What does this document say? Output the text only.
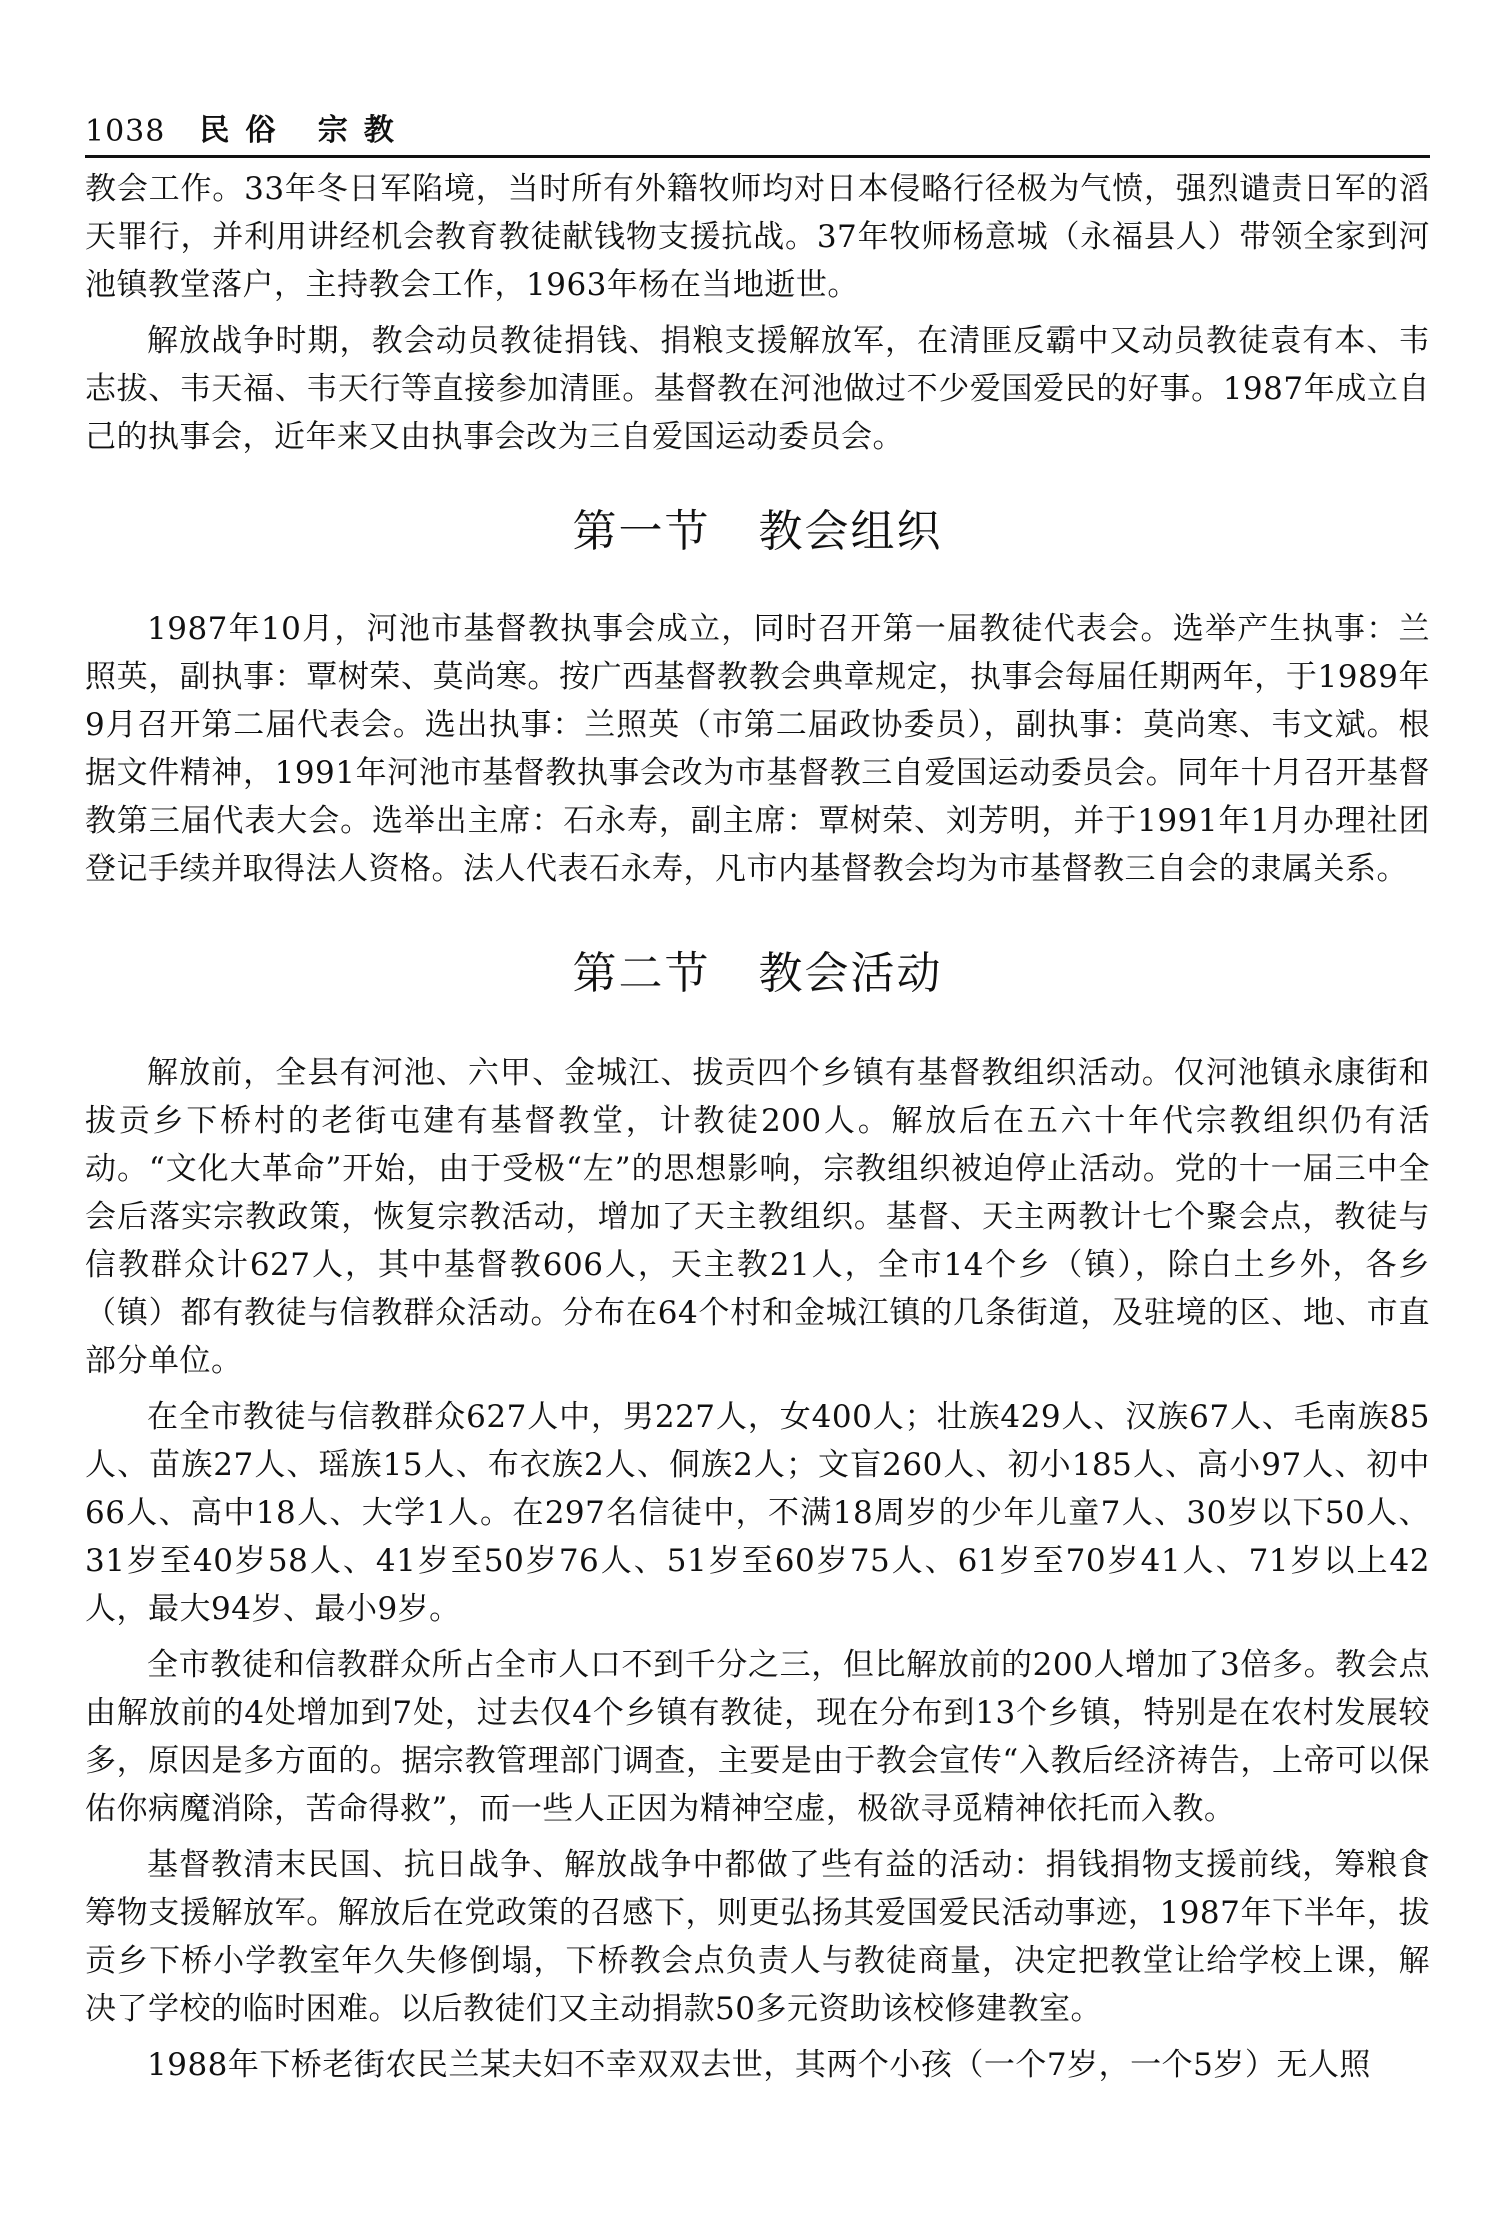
1038 民俗 宗教

教会工作。33年冬日军陷境，当时所有外籍牧师均对日本侵略行径极为气愤，强烈谴责日军的滔天罪行，并利用讲经机会教育教徒献钱物支援抗战。37年牧师杨意城（永福县人）带领全家到河池镇教堂落户，主持教会工作，1963年杨在当地逝世。

解放战争时期，教会动员教徒捐钱、捐粮支援解放军，在清匪反霸中又动员教徒袁有本、韦志拔、韦天福、韦天行等直接参加清匪。基督教在河池做过不少爱国爱民的好事。1987年成立自己的执事会，近年来又由执事会改为三自爱国运动委员会。

第一节 教会组织

1987年10月，河池市基督教执事会成立，同时召开第一届教徒代表会。选举产生执事：兰照英，副执事：覃树荣、莫尚寒。按广西基督教教会典章规定，执事会每届任期两年，于1989年9月召开第二届代表会。选出执事：兰照英（市第二届政协委员），副执事：莫尚寒、韦文斌。根据文件精神，1991年河池市基督教执事会改为市基督教三自爱国运动委员会。同年十月召开基督教第三届代表大会。选举出主席：石永寿，副主席：覃树荣、刘芳明，并于1991年1月办理社团登记手续并取得法人资格。法人代表石永寿，凡市内基督教会均为市基督教三自会的隶属关系。

第二节 教会活动

解放前，全县有河池、六甲、金城江、拔贡四个乡镇有基督教组织活动。仅河池镇永康街和拔贡乡下桥村的老街屯建有基督教堂，计教徒200人。解放后在五六十年代宗教组织仍有活动。“文化大革命”开始，由于受极“左”的思想影响，宗教组织被迫停止活动。党的十一届三中全会后落实宗教政策，恢复宗教活动，增加了天主教组织。基督、天主两教计七个聚会点，教徒与信教群众计627人，其中基督教606人，天主教21人，全市14个乡（镇），除白土乡外，各乡（镇）都有教徒与信教群众活动。分布在64个村和金城江镇的几条街道，及驻境的区、地、市直部分单位。

在全市教徒与信教群众627人中，男227人，女400人；壮族429人、汉族67人、毛南族85人、苗族27人、瑶族15人、布衣族2人、侗族2人；文盲260人、初小185人、高小97人、初中66人、高中18人、大学1人。在297名信徒中，不满18周岁的少年儿童7人、30岁以下50人、31岁至40岁58人、41岁至50岁76人、51岁至60岁75人、61岁至70岁41人、71岁以上42人，最大94岁、最小9岁。

全市教徒和信教群众所占全市人口不到千分之三，但比解放前的200人增加了3倍多。教会点由解放前的4处增加到7处，过去仅4个乡镇有教徒，现在分布到13个乡镇，特别是在农村发展较多，原因是多方面的。据宗教管理部门调查，主要是由于教会宣传“入教后经济祷告，上帝可以保佑你病魔消除，苦命得救”，而一些人正因为精神空虚，极欲寻觅精神依托而入教。

基督教清末民国、抗日战争、解放战争中都做了些有益的活动：捐钱捐物支援前线，筹粮食筹物支援解放军。解放后在党政策的召感下，则更弘扬其爱国爱民活动事迹，1987年下半年，拔贡乡下桥小学教室年久失修倒塌，下桥教会点负责人与教徒商量，决定把教堂让给学校上课，解决了学校的临时困难。以后教徒们又主动捐款50多元资助该校修建教室。

1988年下桥老街农民兰某夫妇不幸双双去世，其两个小孩（一个7岁，一个5岁）无人照
